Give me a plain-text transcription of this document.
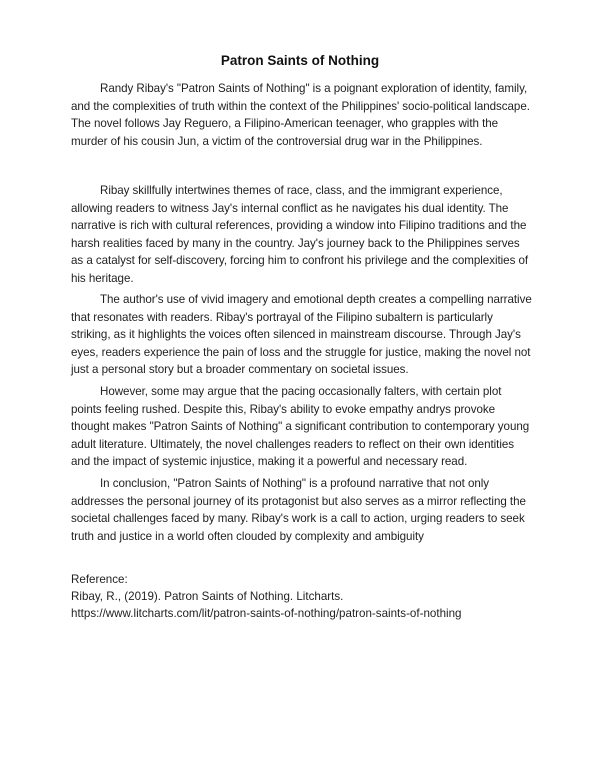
Patron Saints of Nothing

Randy Ribay's "Patron Saints of Nothing" is a poignant exploration of identity, family, and the complexities of truth within the context of the Philippines' socio-political landscape. The novel follows Jay Reguero, a Filipino-American teenager, who grapples with the murder of his cousin Jun, a victim of the controversial drug war in the Philippines.

Ribay skillfully intertwines themes of race, class, and the immigrant experience, allowing readers to witness Jay's internal conflict as he navigates his dual identity. The narrative is rich with cultural references, providing a window into Filipino traditions and the harsh realities faced by many in the country. Jay's journey back to the Philippines serves as a catalyst for self-discovery, forcing him to confront his privilege and the complexities of his heritage.

The author's use of vivid imagery and emotional depth creates a compelling narrative that resonates with readers. Ribay's portrayal of the Filipino subaltern is particularly striking, as it highlights the voices often silenced in mainstream discourse. Through Jay's eyes, readers experience the pain of loss and the struggle for justice, making the novel not just a personal story but a broader commentary on societal issues.

However, some may argue that the pacing occasionally falters, with certain plot points feeling rushed. Despite this, Ribay's ability to evoke empathy andrys provoke thought makes "Patron Saints of Nothing" a significant contribution to contemporary young adult literature. Ultimately, the novel challenges readers to reflect on their own identities and the impact of systemic injustice, making it a powerful and necessary read.

In conclusion, "Patron Saints of Nothing" is a profound narrative that not only addresses the personal journey of its protagonist but also serves as a mirror reflecting the societal challenges faced by many. Ribay's work is a call to action, urging readers to seek truth and justice in a world often clouded by complexity and ambiguity

Reference:
Ribay, R., (2019). Patron Saints of Nothing. Litcharts.
https://www.litcharts.com/lit/patron-saints-of-nothing/patron-saints-of-nothing
